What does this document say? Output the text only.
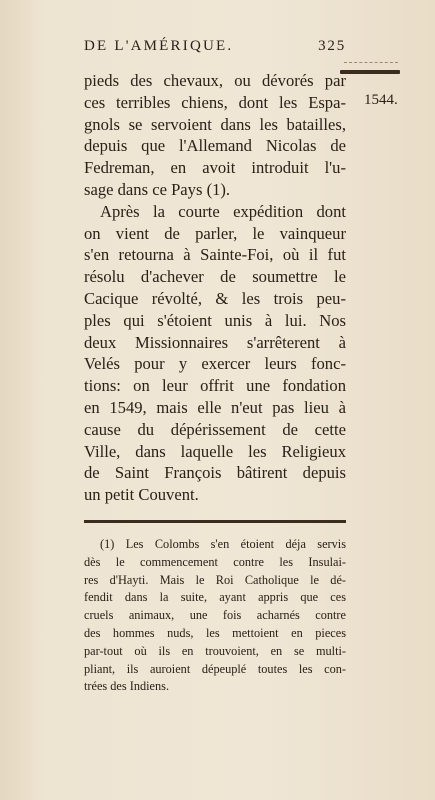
DE L'AMÉRIQUE.	325
1544.
pieds des chevaux, ou dévorés par
ces terribles chiens, dont les Espa-
gnols se servoient dans les batailles,
depuis que l'Allemand Nicolas de
Fedreman, en avoit introduit l'u-
sage dans ce Pays (1).
Après la courte expédition dont
on vient de parler, le vainqueur
s'en retourna à Sainte-Foi, où il fut
résolu d'achever de soumettre le
Cacique révolté, & les trois peu-
ples qui s'étoient unis à lui. Nos
deux Missionnaires s'arrêterent à
Velés pour y exercer leurs fonc-
tions: on leur offrit une fondation
en 1549, mais elle n'eut pas lieu à
cause du dépérissement de cette
Ville, dans laquelle les Religieux
de Saint François bâtirent depuis
un petit Couvent.
(1) Les Colombs s'en étoient déja servis
dès le commencement contre les Insulai-
res d'Hayti. Mais le Roi Catholique le dé-
fendit dans la suite, ayant appris que ces
cruels animaux, une fois acharnés contre
des hommes nuds, les mettoient en pieces
par-tout où ils en trouvoient, en se multi-
pliant, ils auroient dépeuplé toutes les con-
trées des Indiens.
